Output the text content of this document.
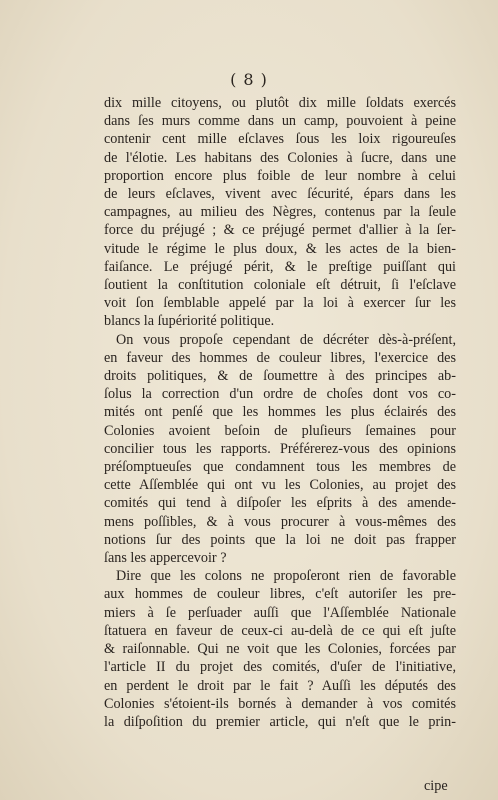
( 8 )
dix mille citoyens, ou plutôt dix mille ſoldats exercés
dans ſes murs comme dans un camp, pouvoient à peine
contenir cent mille eſclaves ſous les loix rigoureuſes
de l'élotie. Les habitans des Colonies à ſucre, dans une
proportion encore plus foible de leur nombre à celui
de leurs eſclaves, vivent avec ſécurité, épars dans les
campagnes, au milieu des Nègres, contenus par la ſeule
force du préjugé ; & ce préjugé permet d'allier à la ſer-
vitude le régime le plus doux, & les actes de la bien-
faiſance. Le préjugé périt, & le preſtige puiſſant qui
ſoutient la conſtitution coloniale eſt détruit, ſi l'eſclave
voit ſon ſemblable appelé par la loi à exercer ſur les
blancs la ſupériorité politique.
On vous propoſe cependant de décréter dès-à-préſent,
en faveur des hommes de couleur libres, l'exercice des
droits politiques, & de ſoumettre à des principes ab-
ſolus la correction d'un ordre de choſes dont vos co-
mités ont penſé que les hommes les plus éclairés des
Colonies avoient beſoin de pluſieurs ſemaines pour
concilier tous les rapports. Préférerez-vous des opinions
préſomptueuſes que condamnent tous les membres de
cette Aſſemblée qui ont vu les Colonies, au projet des
comités qui tend à diſpoſer les eſprits à des amende-
mens poſſibles, & à vous procurer à vous-mêmes des
notions ſur des points que la loi ne doit pas frapper
ſans les appercevoir ?
Dire que les colons ne propoſeront rien de favorable
aux hommes de couleur libres, c'eſt autoriſer les pre-
miers à ſe perſuader auſſi que l'Aſſemblée Nationale
ſtatuera en faveur de ceux-ci au-delà de ce qui eſt juſte
& raiſonnable. Qui ne voit que les Colonies, forcées par
l'article II du projet des comités, d'uſer de l'initiative,
en perdent le droit par le fait ? Auſſi les députés des
Colonies s'étoient-ils bornés à demander à vos comités
la diſpoſition du premier article, qui n'eſt que le prin-
cipe
